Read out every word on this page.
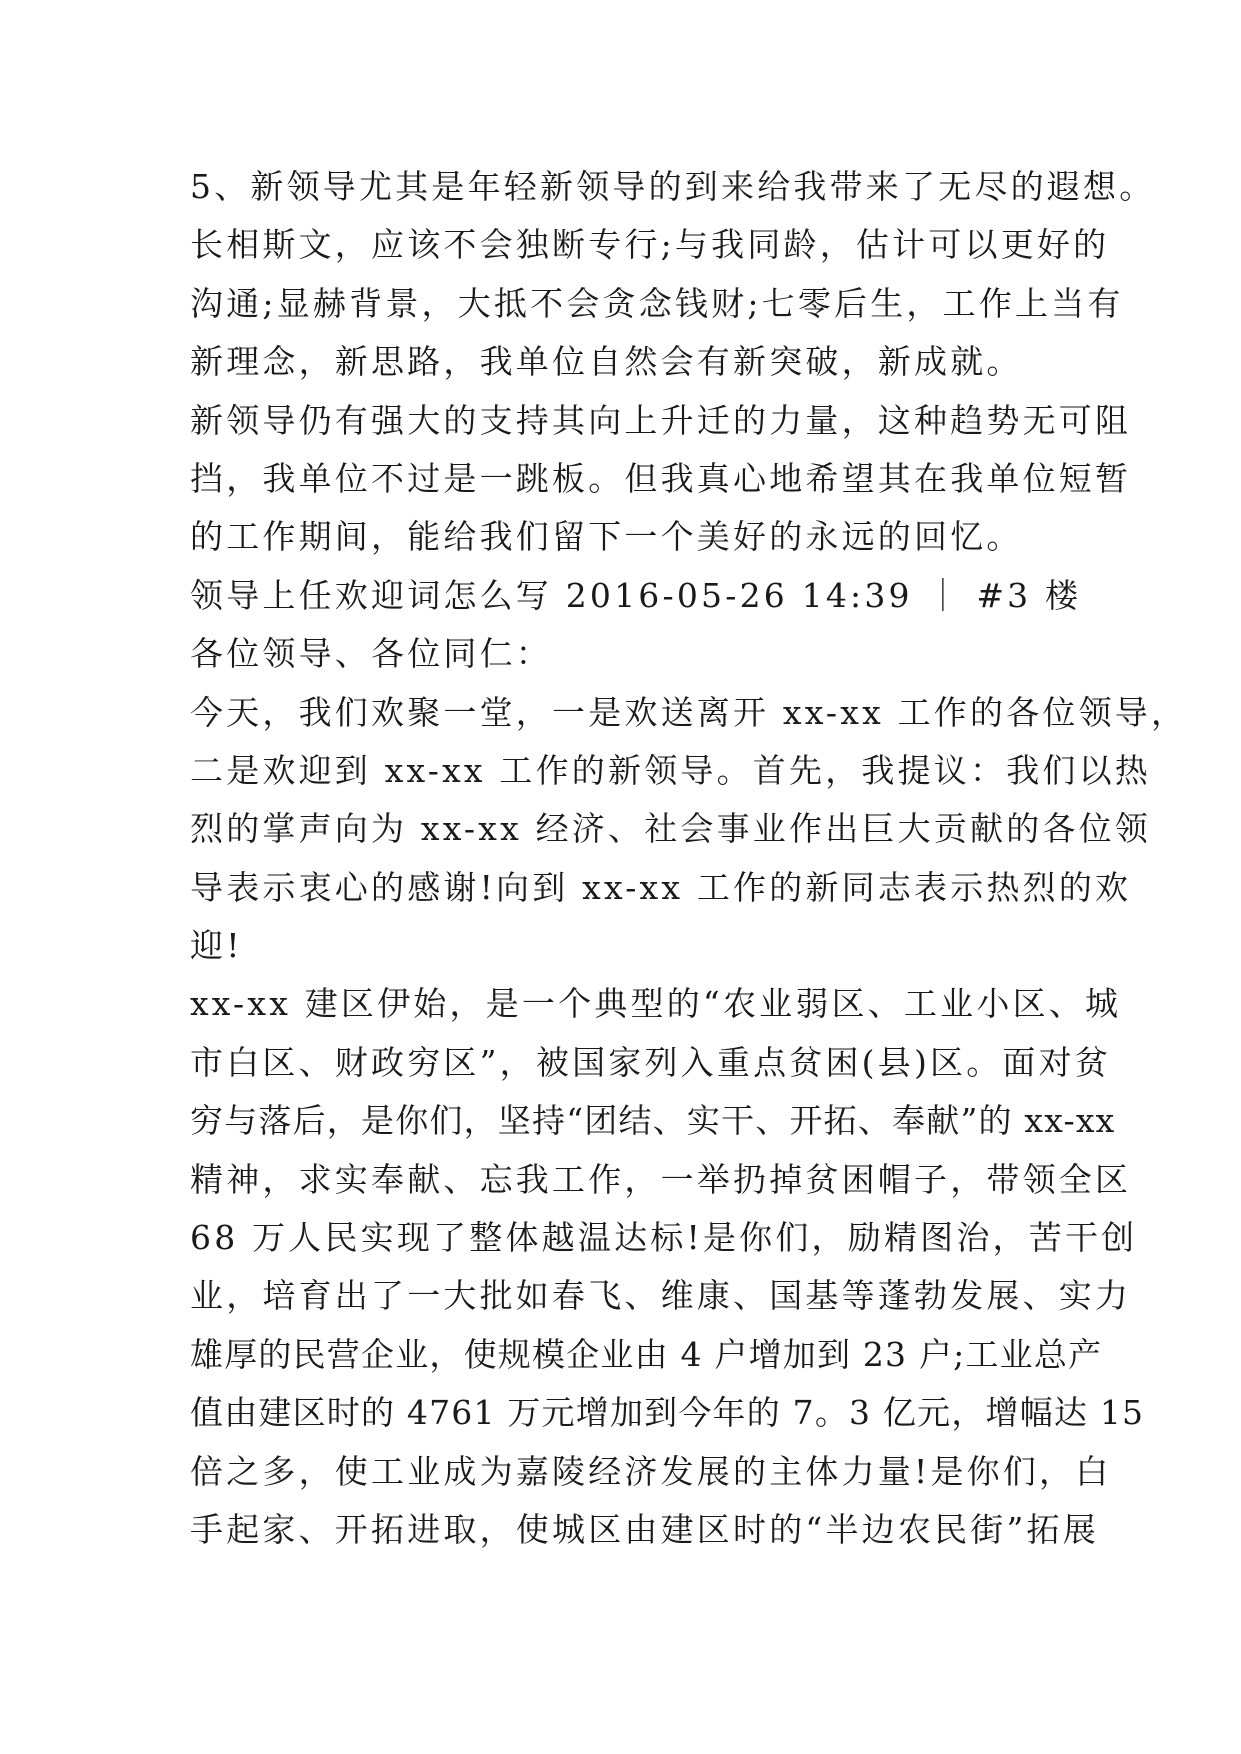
5、新领导尤其是年轻新领导的到来给我带来了无尽的遐想。
长相斯文，应该不会独断专行;与我同龄，估计可以更好的
沟通;显赫背景，大抵不会贪念钱财;七零后生，工作上当有
新理念，新思路，我单位自然会有新突破，新成就。
新领导仍有强大的支持其向上升迁的力量，这种趋势无可阻
挡，我单位不过是一跳板。但我真心地希望其在我单位短暂
的工作期间，能给我们留下一个美好的永远的回忆。
领导上任欢迎词怎么写 2016-05-26 14:39 ｜ #3 楼
各位领导、各位同仁：
今天，我们欢聚一堂，一是欢送离开 xx-xx 工作的各位领导，
二是欢迎到 xx-xx 工作的新领导。首先，我提议：我们以热
烈的掌声向为 xx-xx 经济、社会事业作出巨大贡献的各位领
导表示衷心的感谢!向到 xx-xx 工作的新同志表示热烈的欢
迎!
xx-xx 建区伊始，是一个典型的“农业弱区、工业小区、城
市白区、财政穷区”，被国家列入重点贫困(县)区。面对贫
穷与落后，是你们，坚持“团结、实干、开拓、奉献”的 xx-xx
精神，求实奉献、忘我工作，一举扔掉贫困帽子，带领全区
68 万人民实现了整体越温达标!是你们，励精图治，苦干创
业，培育出了一大批如春飞、维康、国基等蓬勃发展、实力
雄厚的民营企业，使规模企业由 4 户增加到 23 户;工业总产
值由建区时的 4761 万元增加到今年的 7。3 亿元，增幅达 15
倍之多，使工业成为嘉陵经济发展的主体力量!是你们，白
手起家、开拓进取，使城区由建区时的“半边农民街”拓展
